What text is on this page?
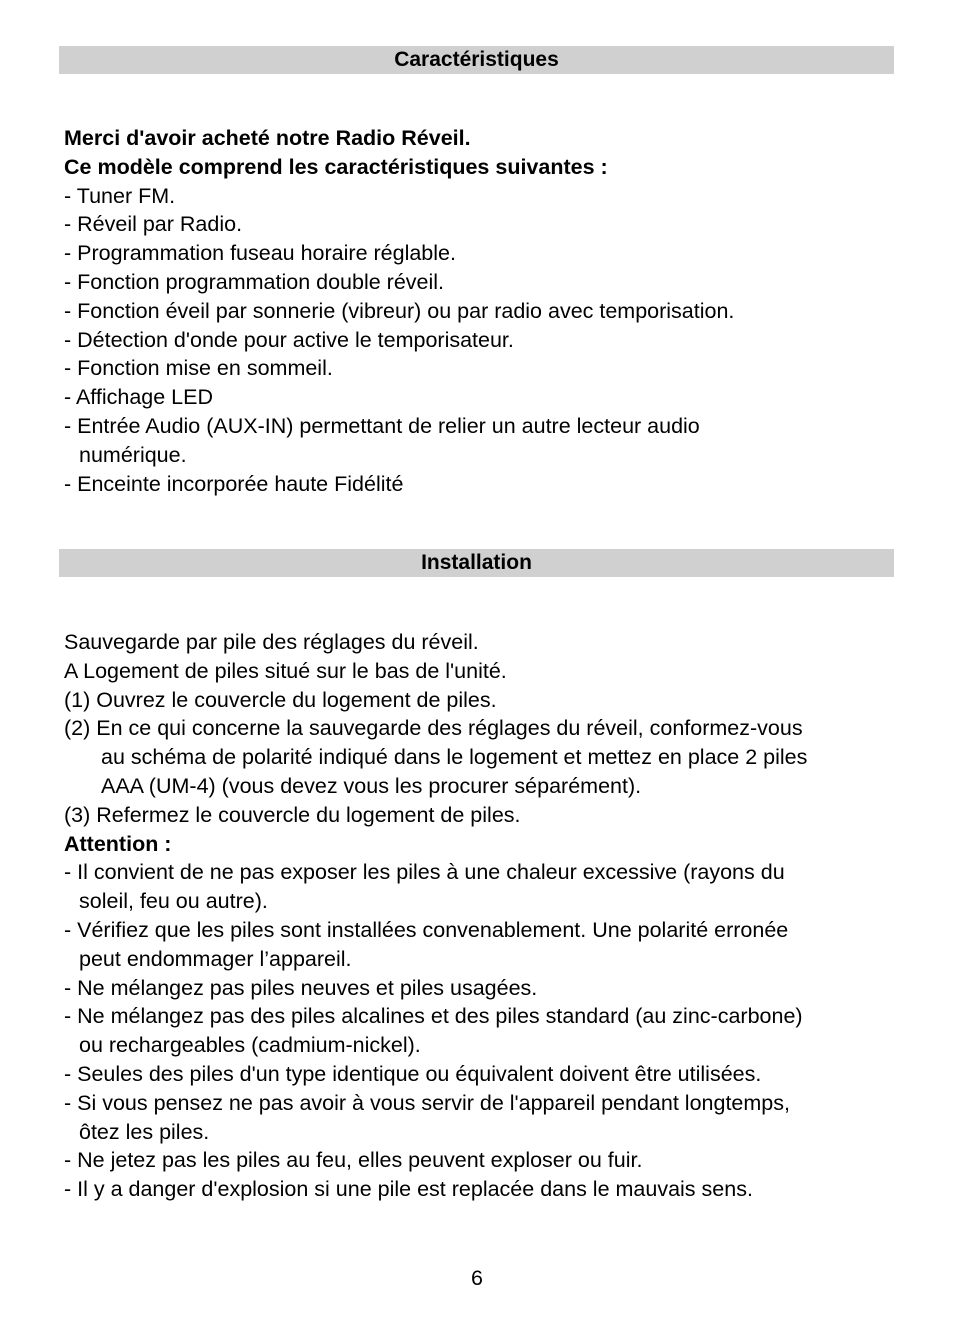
Caractéristiques
Merci d'avoir acheté notre Radio Réveil.
Ce modèle comprend les caractéristiques suivantes :
- Tuner FM.
- Réveil par Radio.
- Programmation fuseau horaire réglable.
- Fonction programmation double réveil.
- Fonction éveil par sonnerie (vibreur) ou par radio avec temporisation.
- Détection d'onde pour active le temporisateur.
- Fonction mise en sommeil.
- Affichage LED
- Entrée Audio (AUX-IN) permettant de relier un autre lecteur audio
numérique.
- Enceinte incorporée haute Fidélité
Installation
Sauvegarde par pile des réglages du réveil.
A Logement de piles situé sur le bas de l'unité.
(1) Ouvrez le couvercle du logement de piles.
(2) En ce qui concerne la sauvegarde des réglages du réveil, conformez-vous
au schéma de polarité indiqué dans le logement et mettez en place 2 piles
AAA (UM-4) (vous devez vous les procurer séparément).
(3) Refermez le couvercle du logement de piles.
Attention :
- Il convient de ne pas exposer les piles à une chaleur excessive (rayons du
soleil, feu ou autre).
- Vérifiez que les piles sont installées convenablement. Une polarité erronée
peut endommager l’appareil.
- Ne mélangez pas piles neuves et piles usagées.
- Ne mélangez pas des piles alcalines et des piles standard (au zinc-carbone)
ou rechargeables (cadmium-nickel).
- Seules des piles d'un type identique ou équivalent doivent être utilisées.
- Si vous pensez ne pas avoir à vous servir de l'appareil pendant longtemps,
ôtez les piles.
- Ne jetez pas les piles au feu, elles peuvent exploser ou fuir.
- Il y a danger d'explosion si une pile est replacée dans le mauvais sens.
6
